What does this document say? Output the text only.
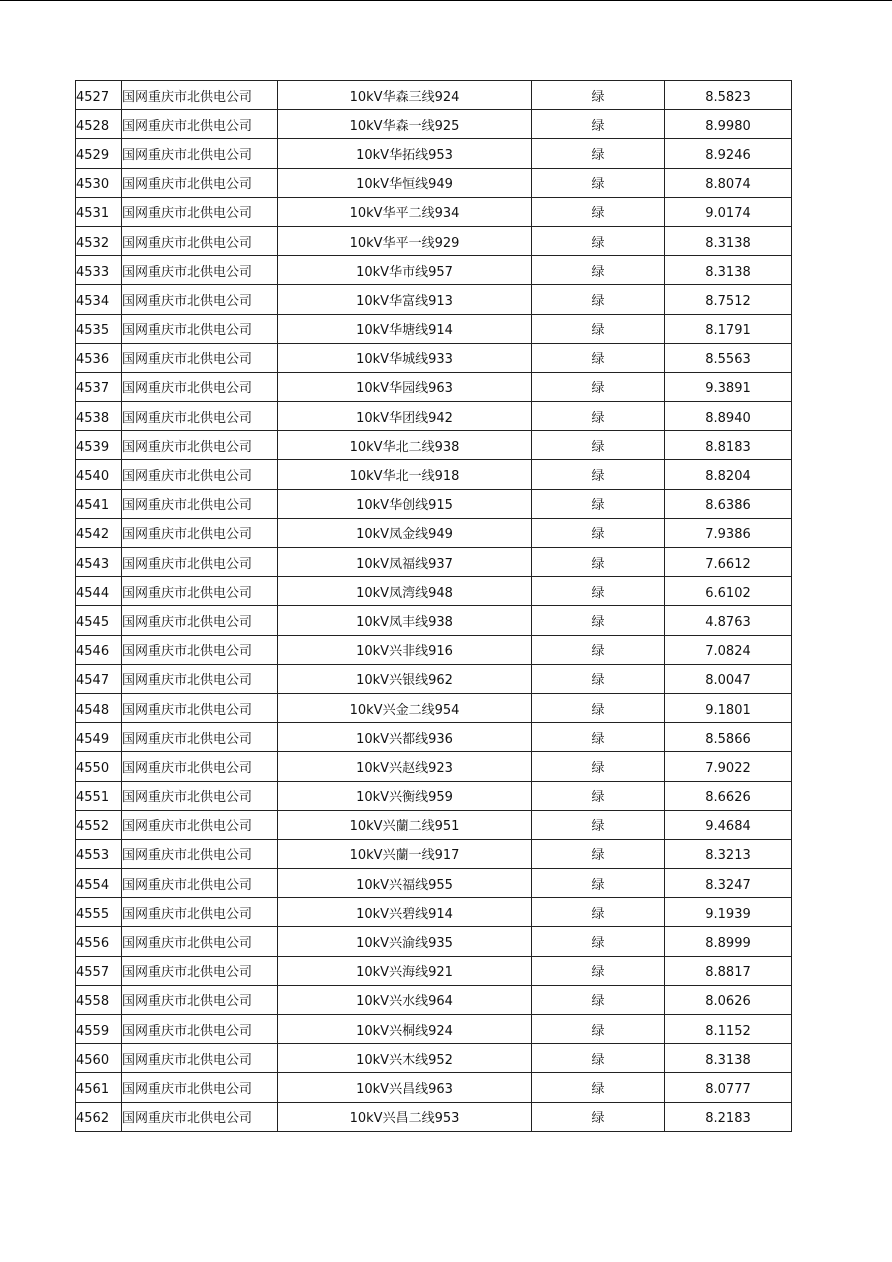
4527	国网重庆市北供电公司	10kV华森三线924	绿	8.5823
4528	国网重庆市北供电公司	10kV华森一线925	绿	8.9980
4529	国网重庆市北供电公司	10kV华拓线953	绿	8.9246
4530	国网重庆市北供电公司	10kV华恒线949	绿	8.8074
4531	国网重庆市北供电公司	10kV华平二线934	绿	9.0174
4532	国网重庆市北供电公司	10kV华平一线929	绿	8.3138
4533	国网重庆市北供电公司	10kV华市线957	绿	8.3138
4534	国网重庆市北供电公司	10kV华富线913	绿	8.7512
4535	国网重庆市北供电公司	10kV华塘线914	绿	8.1791
4536	国网重庆市北供电公司	10kV华城线933	绿	8.5563
4537	国网重庆市北供电公司	10kV华园线963	绿	9.3891
4538	国网重庆市北供电公司	10kV华团线942	绿	8.8940
4539	国网重庆市北供电公司	10kV华北二线938	绿	8.8183
4540	国网重庆市北供电公司	10kV华北一线918	绿	8.8204
4541	国网重庆市北供电公司	10kV华创线915	绿	8.6386
4542	国网重庆市北供电公司	10kV凤金线949	绿	7.9386
4543	国网重庆市北供电公司	10kV凤福线937	绿	7.6612
4544	国网重庆市北供电公司	10kV凤湾线948	绿	6.6102
4545	国网重庆市北供电公司	10kV凤丰线938	绿	4.8763
4546	国网重庆市北供电公司	10kV兴非线916	绿	7.0824
4547	国网重庆市北供电公司	10kV兴银线962	绿	8.0047
4548	国网重庆市北供电公司	10kV兴金二线954	绿	9.1801
4549	国网重庆市北供电公司	10kV兴都线936	绿	8.5866
4550	国网重庆市北供电公司	10kV兴赵线923	绿	7.9022
4551	国网重庆市北供电公司	10kV兴衡线959	绿	8.6626
4552	国网重庆市北供电公司	10kV兴蘭二线951	绿	9.4684
4553	国网重庆市北供电公司	10kV兴蘭一线917	绿	8.3213
4554	国网重庆市北供电公司	10kV兴福线955	绿	8.3247
4555	国网重庆市北供电公司	10kV兴碧线914	绿	9.1939
4556	国网重庆市北供电公司	10kV兴渝线935	绿	8.8999
4557	国网重庆市北供电公司	10kV兴海线921	绿	8.8817
4558	国网重庆市北供电公司	10kV兴水线964	绿	8.0626
4559	国网重庆市北供电公司	10kV兴桐线924	绿	8.1152
4560	国网重庆市北供电公司	10kV兴木线952	绿	8.3138
4561	国网重庆市北供电公司	10kV兴昌线963	绿	8.0777
4562	国网重庆市北供电公司	10kV兴昌二线953	绿	8.2183
